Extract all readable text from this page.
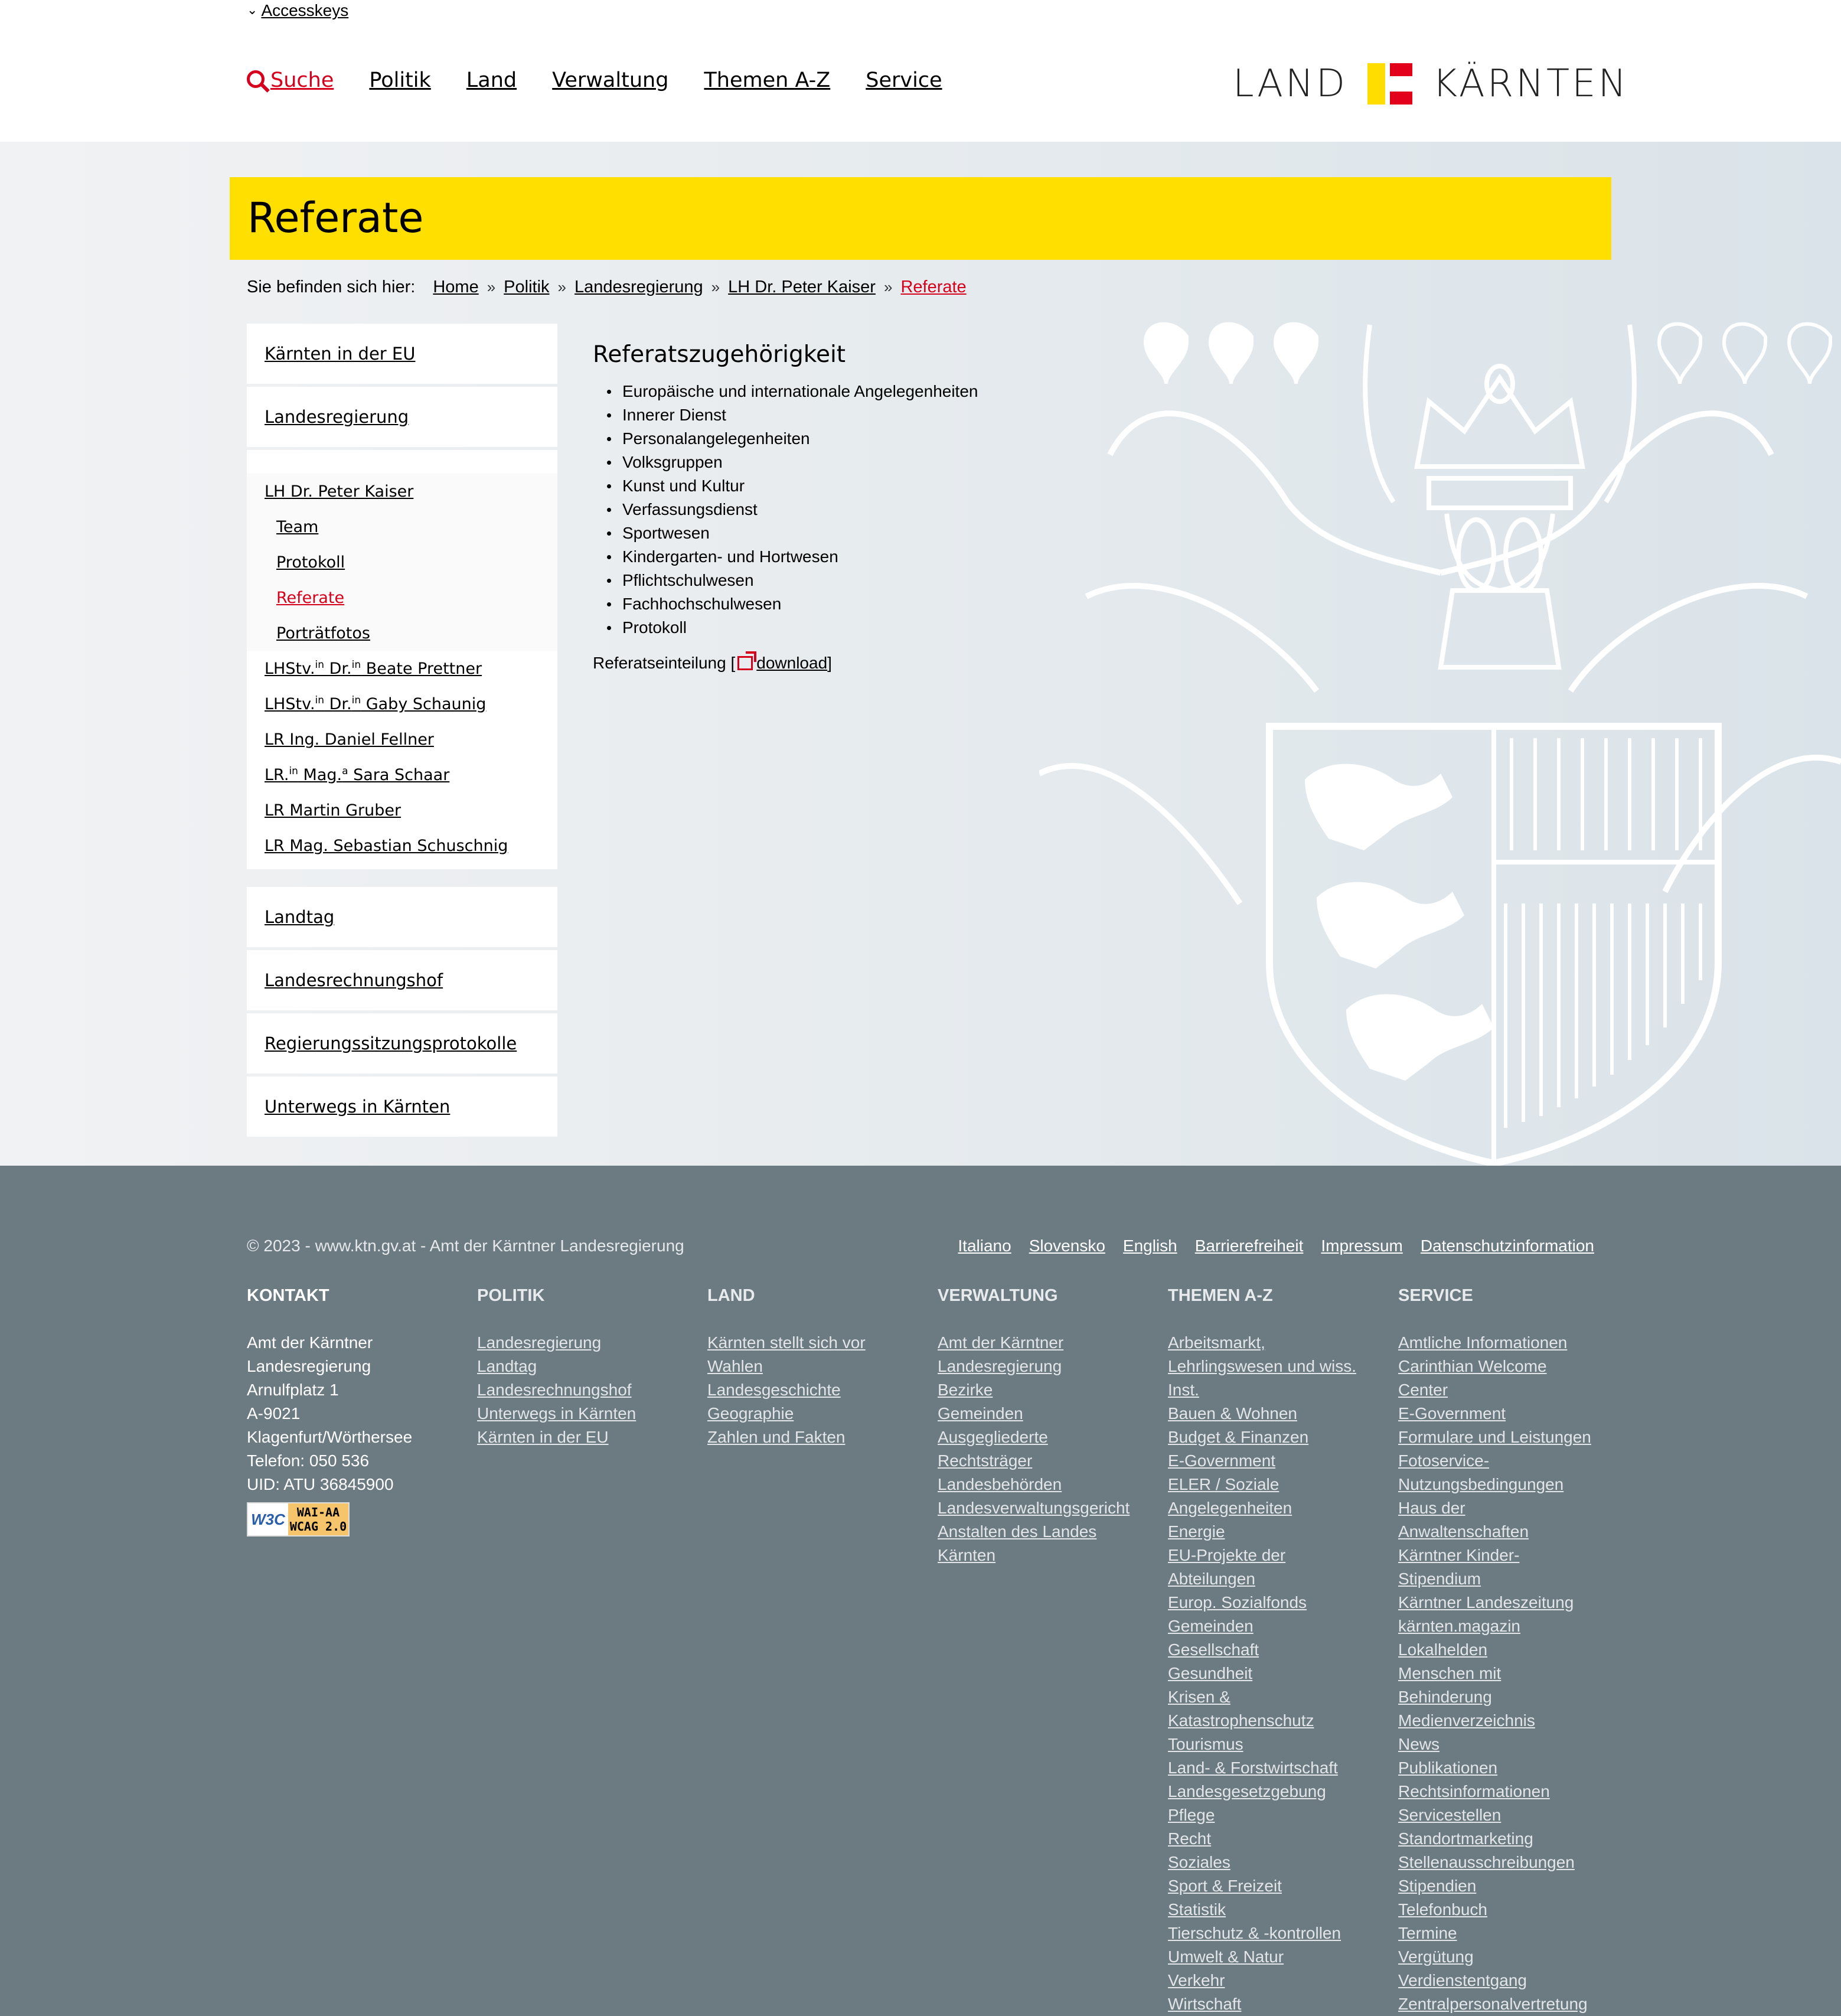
⌄ Accesskeys
Suche Politik Land Verwaltung Themen A-Z Service	LAND KÄRNTEN
Referate
Sie befinden sich hier: Home » Politik » Landesregierung » LH Dr. Peter Kaiser » Referate
Kärnten in der EU
Landesregierung
LH Dr. Peter Kaiser
Team
Protokoll
Referate
Porträtfotos
LHStv.$^{in}$ Dr.$^{in}$ Beate Prettner
LHStv.$^{in}$ Dr.$^{in}$ Gaby Schaunig
LR Ing. Daniel Fellner
LR.$^{in}$ Mag.$^a$ Sara Schaar
LR Martin Gruber
LR Mag. Sebastian Schuschnig
Landtag
Landesrechnungshof
Regierungssitzungsprotokolle
Unterwegs in Kärnten
Referatszugehörigkeit
Europäische und internationale Angelegenheiten
Innerer Dienst
Personalangelegenheiten
Volksgruppen
Kunst und Kultur
Verfassungsdienst
Sportwesen
Kindergarten- und Hortwesen
Pflichtschulwesen
Fachhochschulwesen
Protokoll

Referatseinteilung [ download]

© 2023 - www.ktn.gv.at - Amt der Kärntner Landesregierung	Italiano Slovensko English Barrierefreiheit Impressum Datenschutzinformation
KONTAKT
Amt der Kärntner
Landesregierung
Arnulfplatz 1
A-9021
Klagenfurt/Wörthersee
Telefon: 050 536
UID: ATU 36845900
W3C WAI-AA
WCAG 2.0
POLITIK
Landesregierung
Landtag
Landesrechnungshof
Unterwegs in Kärnten
Kärnten in der EU
LAND
Kärnten stellt sich vor
Wahlen
Landesgeschichte
Geographie
Zahlen und Fakten
VERWALTUNG
Amt der Kärntner Landesregierung
Bezirke
Gemeinden
Ausgegliederte Rechtsträger
Landesbehörden
Landesverwaltungsgericht
Anstalten des Landes Kärnten
THEMEN A-Z
Arbeitsmarkt, Lehrlingswesen und wiss. Inst.
Bauen & Wohnen
Budget & Finanzen
E-Government
ELER / Soziale Angelegenheiten
Energie
EU-Projekte der Abteilungen
Europ. Sozialfonds
Gemeinden
Gesellschaft
Gesundheit
Krisen & Katastrophenschutz
Tourismus
Land- & Forstwirtschaft
Landesgesetzgebung
Pflege
Recht
Soziales
Sport & Freizeit
Statistik
Tierschutz & -kontrollen
Umwelt & Natur
Verkehr
Wirtschaft
SERVICE
Amtliche Informationen
Carinthian Welcome Center
E-Government
Formulare und Leistungen
Fotoservice-Nutzungsbedingungen
Haus der Anwaltenschaften
Kärntner Kinder-Stipendium
Kärntner Landeszeitung
kärnten.magazin
Lokalhelden
Menschen mit Behinderung
Medienverzeichnis
News
Publikationen
Rechtsinformationen
Servicestellen
Standortmarketing
Stellenausschreibungen
Stipendien
Telefonbuch
Termine
Vergütung
Verdienstentgang
Zentralpersonalvertretung
